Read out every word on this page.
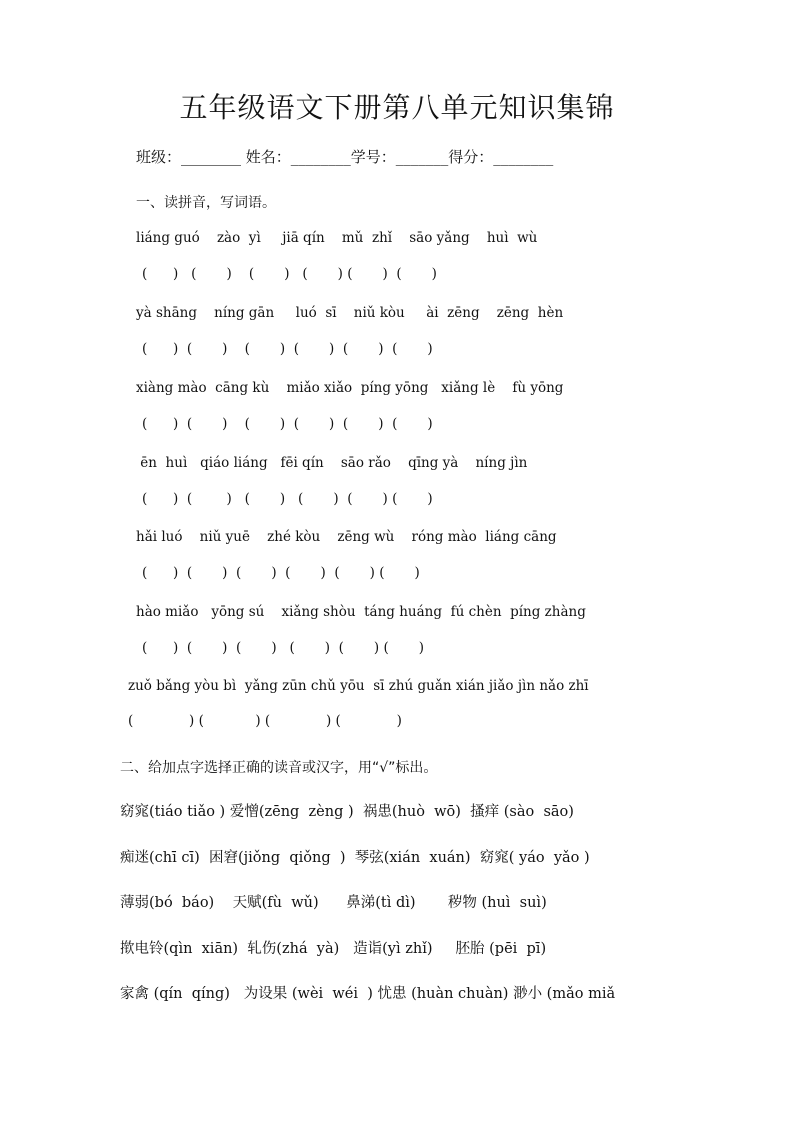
五年级语文下册第八单元知识集锦
班级：________ 姓名：________学号：_______得分：________
一、读拼音，写词语。
liáng guó    zào  yì     jiā qín    mǔ  zhǐ    sāo yǎng    huì  wù
(      )   (       )    (       )   (       ) (       )  (       )
yà shāng    níng gān     luó  sī    niǔ kòu     ài  zēng    zēng  hèn
(      )  (       )    (       )  (       )  (       )  (       )
xiàng mào  cāng kù    miǎo xiǎo  píng yōng   xiǎng lè    fù yōng
(      )  (       )    (       )  (       )  (       )  (       )
ēn  huì   qiáo liáng   fēi qín    sāo rǎo    qīng yà    níng jìn
(      )  (        )   (       )   (       )  (       ) (       )
hǎi luó    niǔ yuē    zhé kòu    zēng wù    róng mào  liáng cāng
(      )  (       )  (       )  (       )  (       ) (       )
hào miǎo   yōng sú    xiǎng shòu  táng huáng  fú chèn  píng zhàng
(      )  (       )  (       )   (       )  (       ) (       )
zuǒ bǎng yòu bì  yǎng zūn chǔ yōu  sī zhú guǎn xián jiǎo jìn nǎo zhī
(             ) (            ) (             ) (             )
二、给加点字选择正确的读音或汉字，用“√”标出。
窈窕(tiáo tiǎo ) 爱憎(zēng  zèng )  祸患(huò  wō)  搔痒 (sào  sāo)
痴迷(chī cī)  困窘(jiǒng  qiǒng  )  琴弦(xián  xuán)  窈窕( yáo  yǎo )
薄弱(bó  báo)    天赋(fù  wǔ)      鼻涕(tì dì)       秽物 (huì  suì)
揿电铃(qìn  xiān)  轧伤(zhá  yà)   造诣(yì zhǐ)     胚胎 (pēi  pī)
家禽 (qín  qíng)   为设果 (wèi  wéi  ) 忧患 (huàn chuàn) 渺小 (mǎo miǎ
